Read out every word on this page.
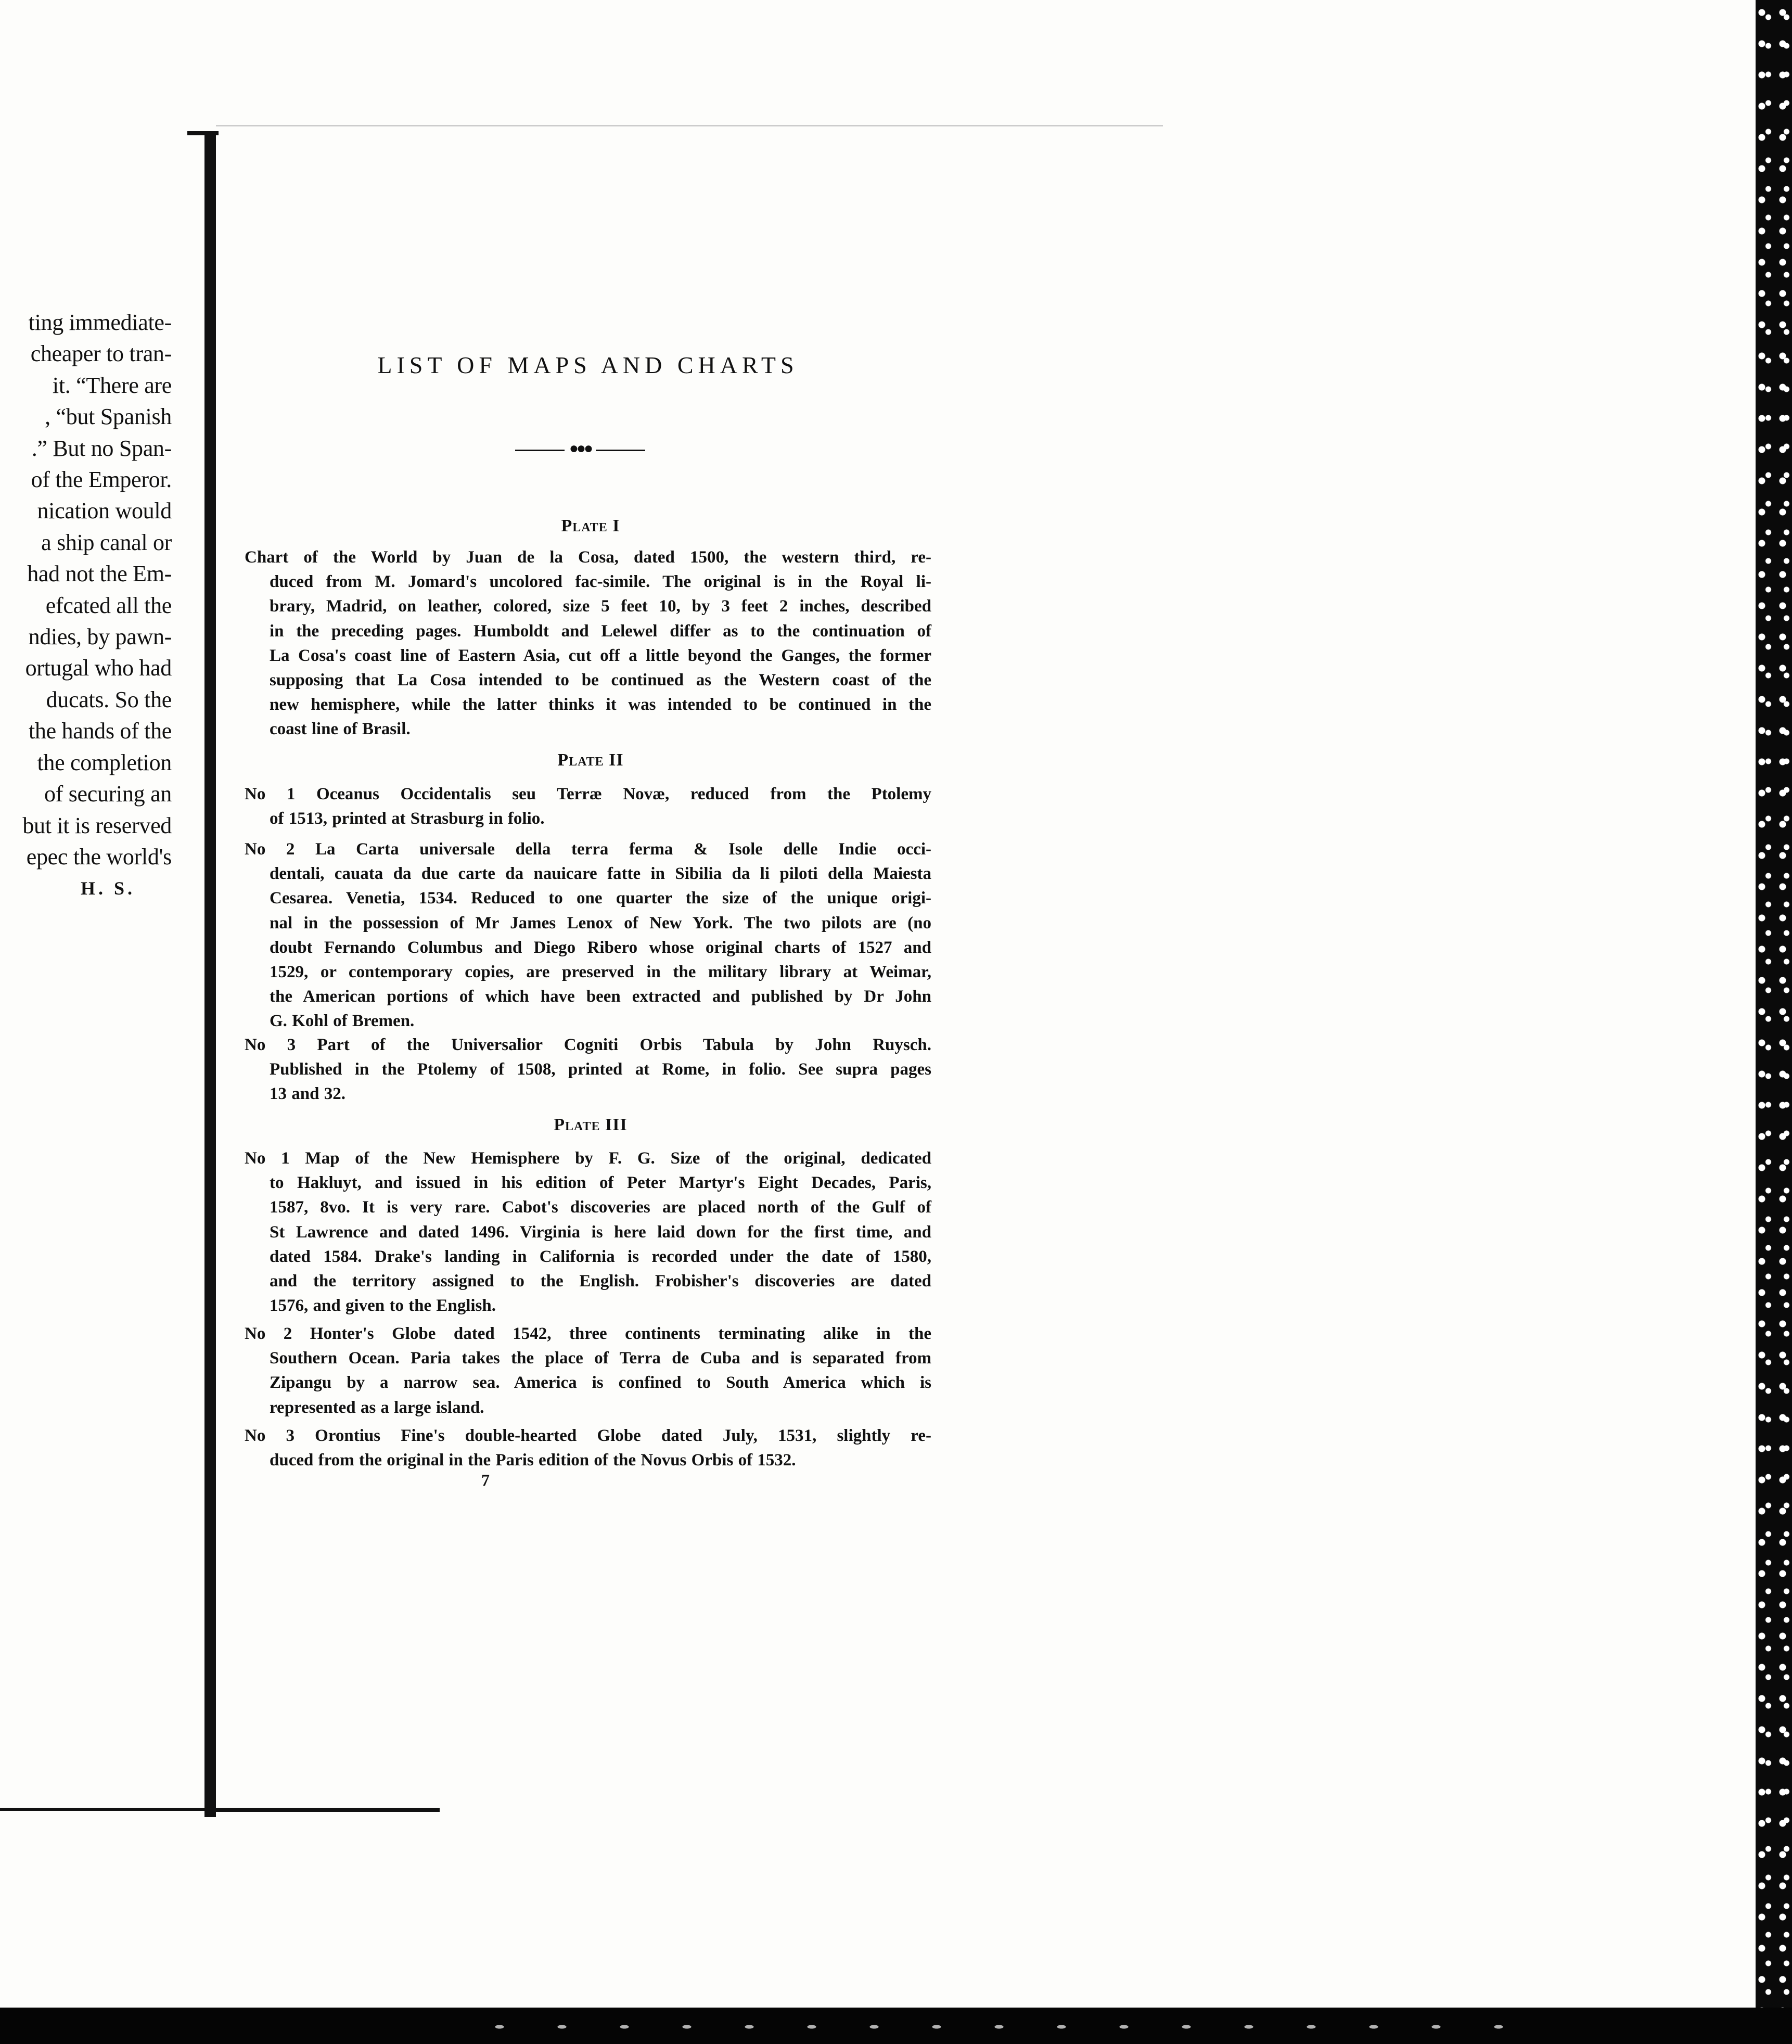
ting immediate-
cheaper to tran-
it. “There are
, “but Spanish
.” But no Span-
of the Emperor.
nication would
a ship canal or
had not the Em-
efcated all the
ndies, by pawn-
ortugal who had
ducats. So the
the hands of the
the completion
of securing an
but it is reserved
epec the world's
H. S.
LIST OF MAPS AND CHARTS
●●●
Plate I
Chart of the World by Juan de la Cosa, dated 1500, the western third, re-
duced from M. Jomard's uncolored fac-simile. The original is in the Royal li-
brary, Madrid, on leather, colored, size 5 feet 10, by 3 feet 2 inches, described
in the preceding pages. Humboldt and Lelewel differ as to the continuation of
La Cosa's coast line of Eastern Asia, cut off a little beyond the Ganges, the former
supposing that La Cosa intended to be continued as the Western coast of the
new hemisphere, while the latter thinks it was intended to be continued in the
coast line of Brasil.
Plate II
No 1 Oceanus Occidentalis seu Terræ Novæ, reduced from the Ptolemy
of 1513, printed at Strasburg in folio.
No 2 La Carta universale della terra ferma & Isole delle Indie occi-
dentali, cauata da due carte da nauicare fatte in Sibilia da li piloti della Maiesta
Cesarea. Venetia, 1534. Reduced to one quarter the size of the unique origi-
nal in the possession of Mr James Lenox of New York. The two pilots are (no
doubt Fernando Columbus and Diego Ribero whose original charts of 1527 and
1529, or contemporary copies, are preserved in the military library at Weimar,
the American portions of which have been extracted and published by Dr John
G. Kohl of Bremen.
No 3 Part of the Universalior Cogniti Orbis Tabula by John Ruysch.
Published in the Ptolemy of 1508, printed at Rome, in folio. See supra pages
13 and 32.
Plate III
No 1 Map of the New Hemisphere by F. G. Size of the original, dedicated
to Hakluyt, and issued in his edition of Peter Martyr's Eight Decades, Paris,
1587, 8vo. It is very rare. Cabot's discoveries are placed north of the Gulf of
St Lawrence and dated 1496. Virginia is here laid down for the first time, and
dated 1584. Drake's landing in California is recorded under the date of 1580,
and the territory assigned to the English. Frobisher's discoveries are dated
1576, and given to the English.
No 2 Honter's Globe dated 1542, three continents terminating alike in the
Southern Ocean. Paria takes the place of Terra de Cuba and is separated from
Zipangu by a narrow sea. America is confined to South America which is
represented as a large island.
No 3 Orontius Fine's double-hearted Globe dated July, 1531, slightly re-
duced from the original in the Paris edition of the Novus Orbis of 1532.
7
